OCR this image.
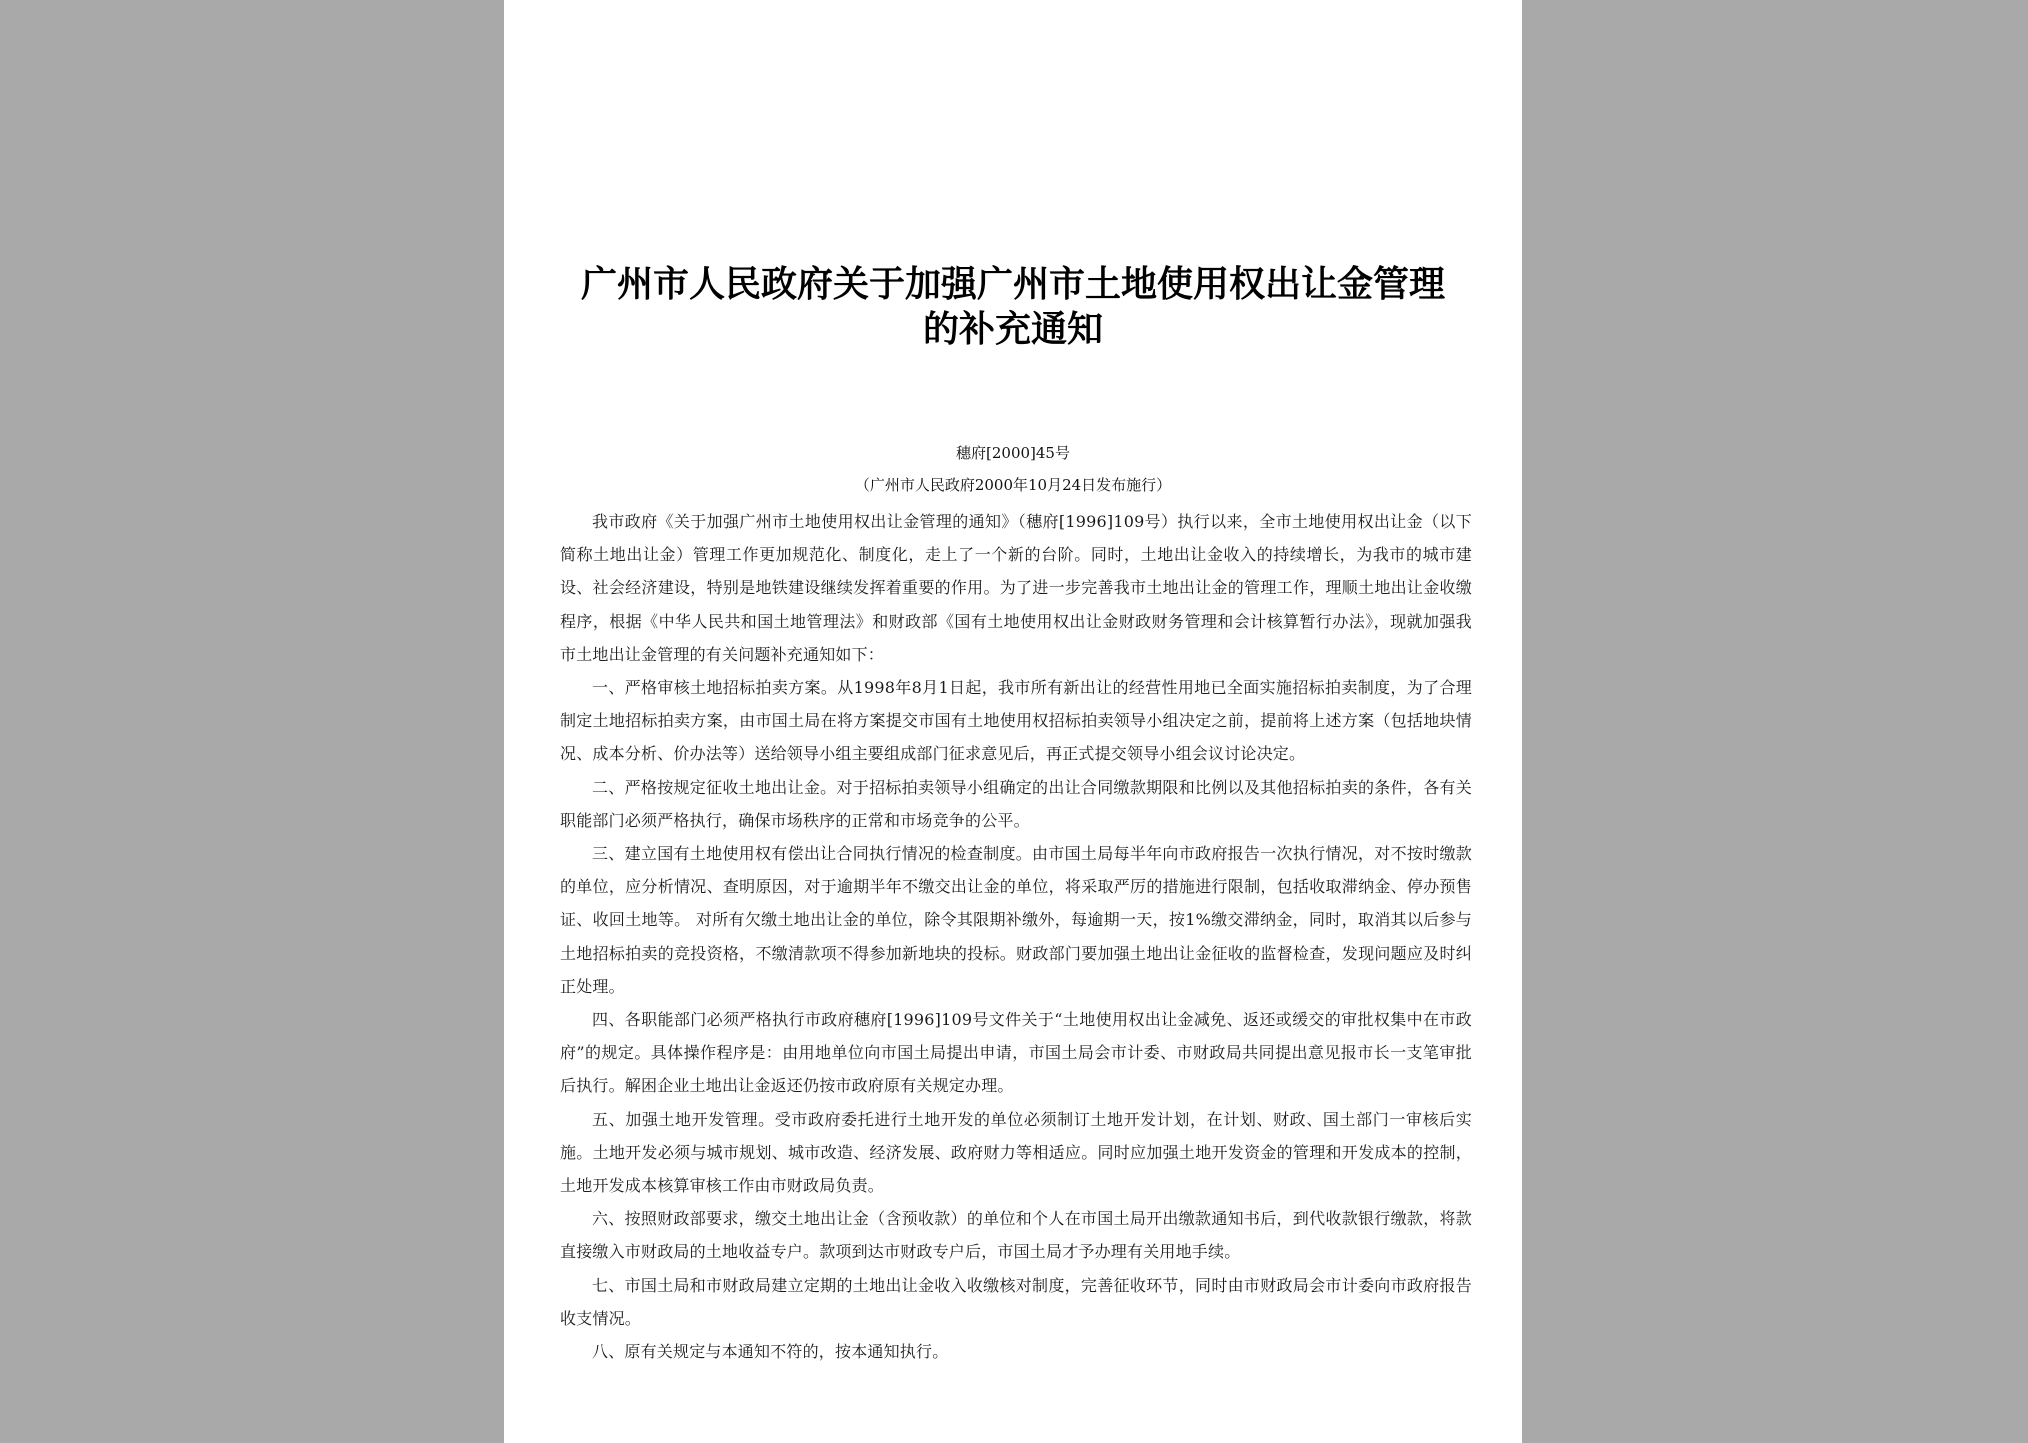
广州市人民政府关于加强广州市土地使用权出让金管理
的补充通知
穗府[2000]45号
（广州市人民政府2000年10月24日发布施行）

我市政府《关于加强广州市土地使用权出让金管理的通知》（穗府[1996]109号）执行以来，全市土地使用权出让金（以下简称土地出让金）管理工作更加规范化、制度化，走上了一个新的台阶。同时，土地出让金收入的持续增长，为我市的城市建设、社会经济建设，特别是地铁建设继续发挥着重要的作用。为了进一步完善我市土地出让金的管理工作，理顺土地出让金收缴程序，根据《中华人民共和国土地管理法》和财政部《国有土地使用权出让金财政财务管理和会计核算暂行办法》，现就加强我市土地出让金管理的有关问题补充通知如下：

一、严格审核土地招标拍卖方案。从1998年8月1日起，我市所有新出让的经营性用地已全面实施招标拍卖制度，为了合理制定土地招标拍卖方案，由市国土局在将方案提交市国有土地使用权招标拍卖领导小组决定之前，提前将上述方案（包括地块情况、成本分析、价办法等）送给领导小组主要组成部门征求意见后，再正式提交领导小组会议讨论决定。

二、严格按规定征收土地出让金。对于招标拍卖领导小组确定的出让合同缴款期限和比例以及其他招标拍卖的条件，各有关职能部门必须严格执行，确保市场秩序的正常和市场竞争的公平。

三、建立国有土地使用权有偿出让合同执行情况的检查制度。由市国土局每半年向市政府报告一次执行情况，对不按时缴款的单位，应分析情况、查明原因，对于逾期半年不缴交出让金的单位，将采取严厉的措施进行限制，包括收取滞纳金、停办预售证、收回土地等。 对所有欠缴土地出让金的单位，除令其限期补缴外，每逾期一天，按1%缴交滞纳金，同时，取消其以后参与土地招标拍卖的竞投资格，不缴清款项不得参加新地块的投标。财政部门要加强土地出让金征收的监督检查，发现问题应及时纠正处理。

四、各职能部门必须严格执行市政府穗府[1996]109号文件关于“土地使用权出让金减免、返还或缓交的审批权集中在市政府”的规定。具体操作程序是：由用地单位向市国土局提出申请，市国土局会市计委、市财政局共同提出意见报市长一支笔审批后执行。解困企业土地出让金返还仍按市政府原有关规定办理。

五、加强土地开发管理。受市政府委托进行土地开发的单位必须制订土地开发计划，在计划、财政、国土部门一审核后实施。土地开发必须与城市规划、城市改造、经济发展、政府财力等相适应。同时应加强土地开发资金的管理和开发成本的控制，土地开发成本核算审核工作由市财政局负责。

六、按照财政部要求，缴交土地出让金（含预收款）的单位和个人在市国土局开出缴款通知书后，到代收款银行缴款，将款直接缴入市财政局的土地收益专户。款项到达市财政专户后，市国土局才予办理有关用地手续。

七、市国土局和市财政局建立定期的土地出让金收入收缴核对制度，完善征收环节，同时由市财政局会市计委向市政府报告收支情况。

八、原有关规定与本通知不符的，按本通知执行。
